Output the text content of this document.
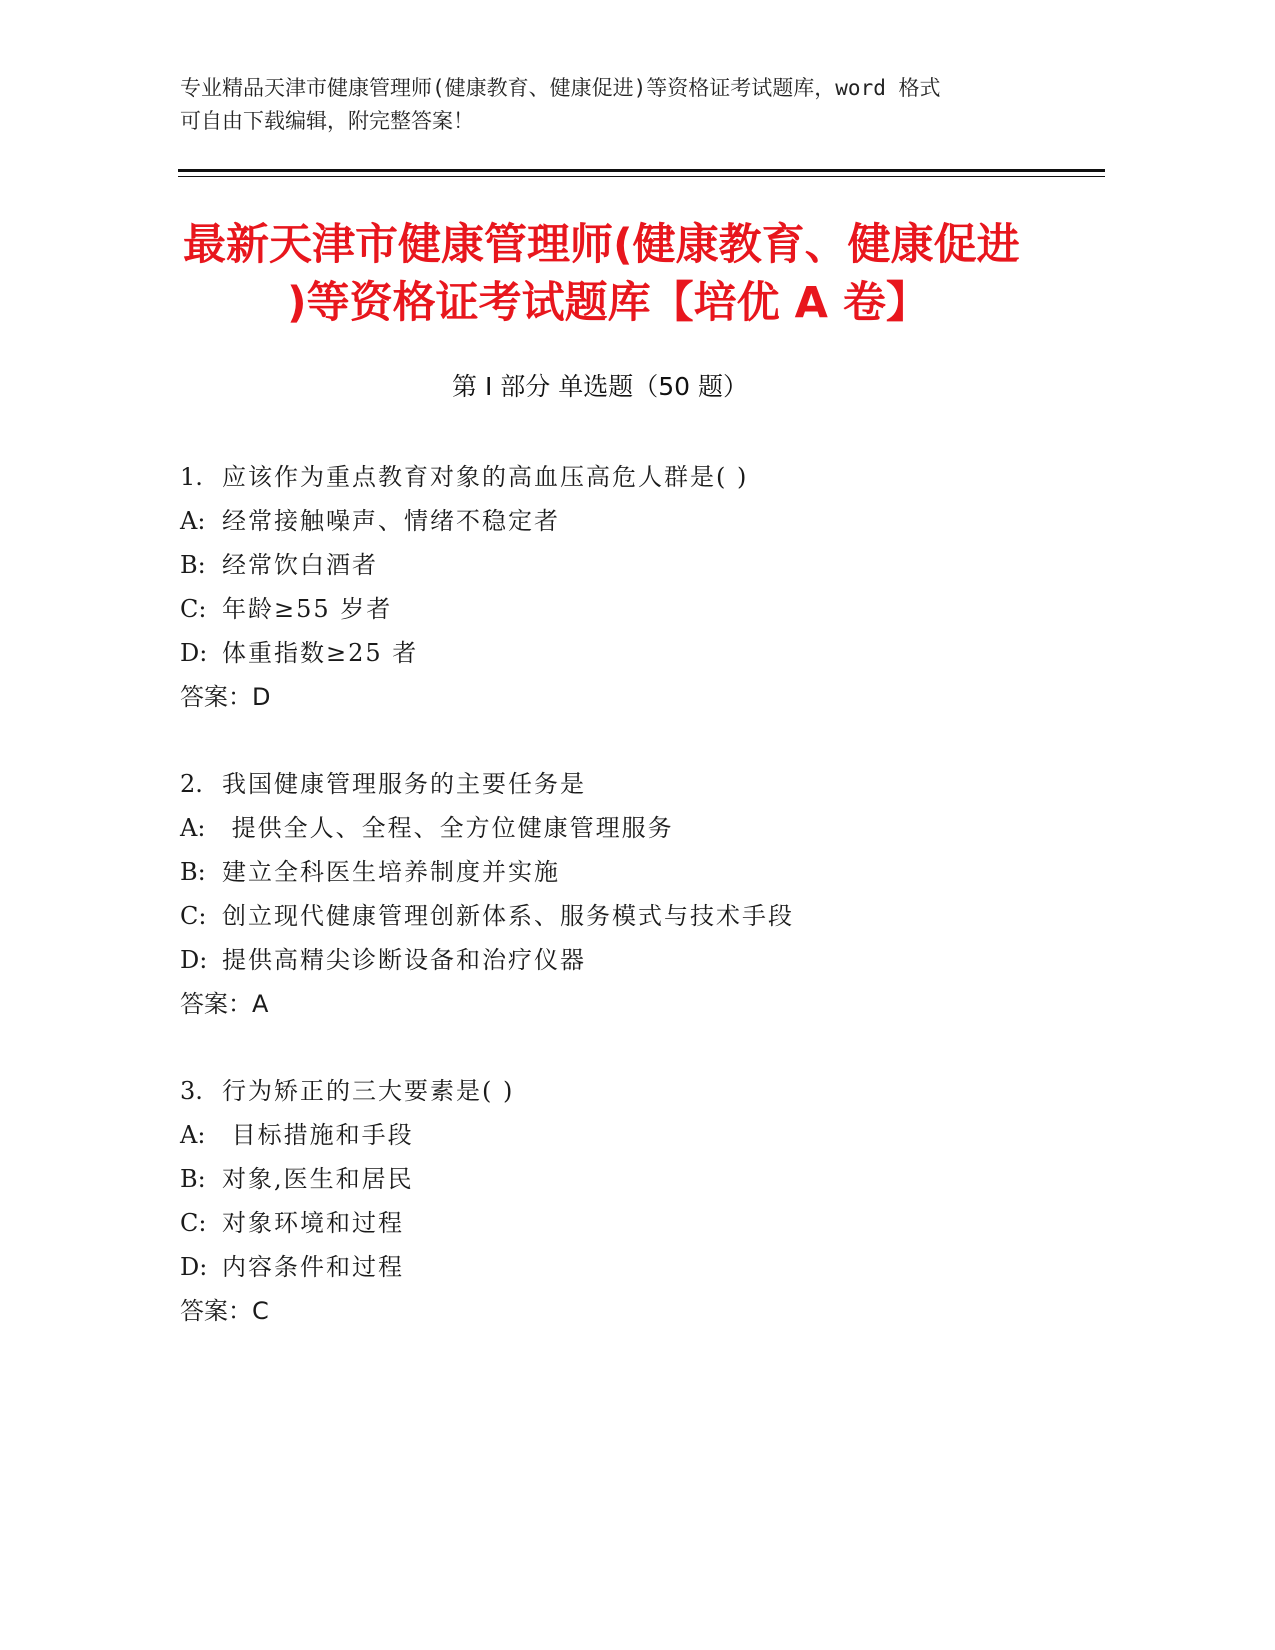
专业精品天津市健康管理师(健康教育、健康促进)等资格证考试题库，word 格式
可自由下载编辑，附完整答案！
最新天津市健康管理师(健康教育、健康促进
)等资格证考试题库【培优 A 卷】
第 I 部分 单选题（50 题）
1. 应该作为重点教育对象的高血压高危人群是( )
A: 经常接触噪声、情绪不稳定者
B: 经常饮白酒者
C: 年龄≥55 岁者
D: 体重指数≥25 者
答案：D
2. 我国健康管理服务的主要任务是
A: 提供全人、全程、全方位健康管理服务
B: 建立全科医生培养制度并实施
C: 创立现代健康管理创新体系、服务模式与技术手段
D: 提供高精尖诊断设备和治疗仪器
答案：A
3. 行为矫正的三大要素是( )
A: 目标措施和手段
B: 对象,医生和居民
C: 对象环境和过程
D: 内容条件和过程
答案：C
